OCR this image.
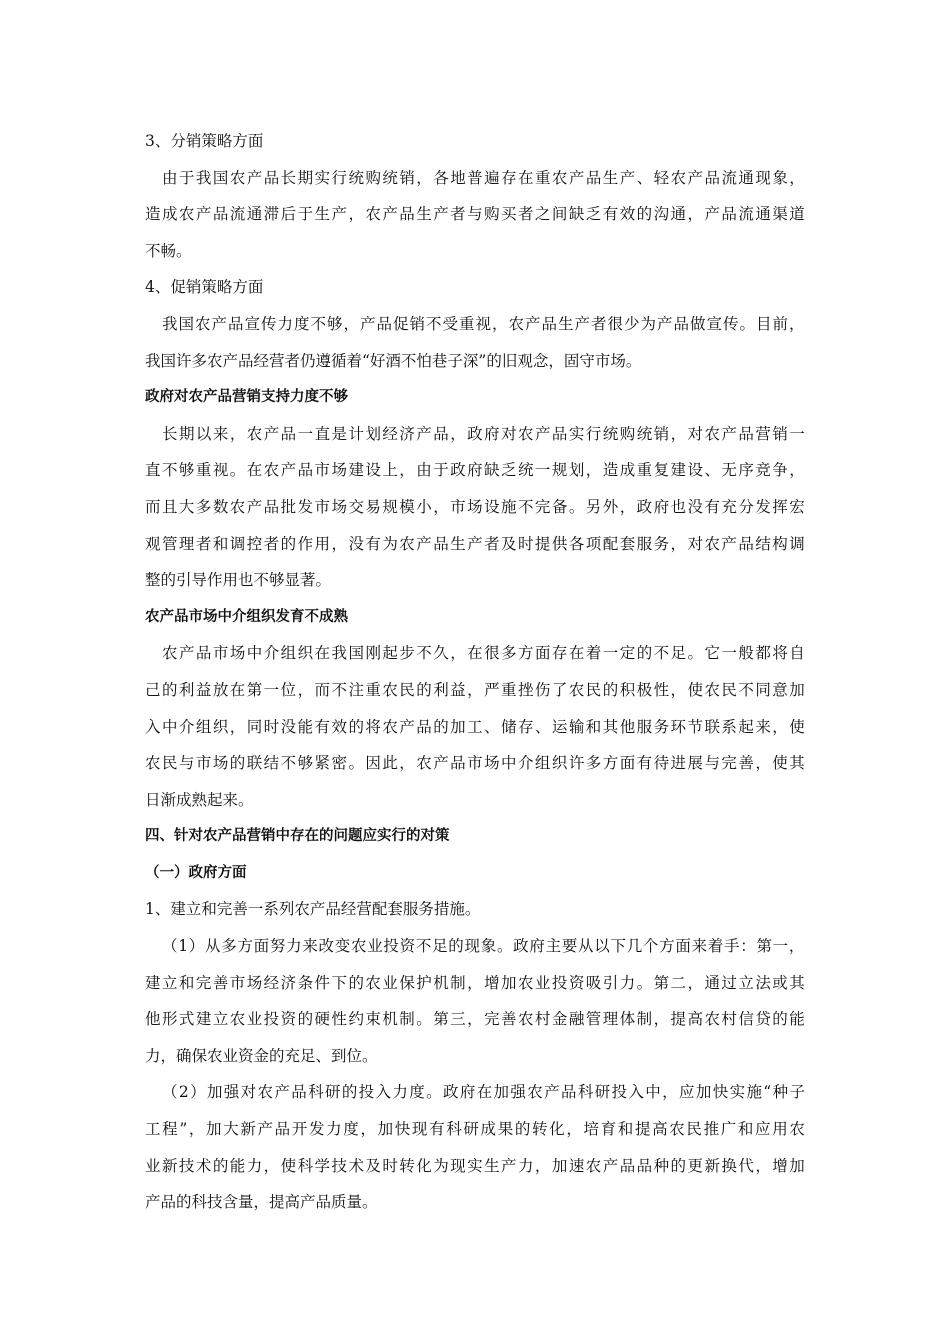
3、分销策略方面
由 于 我 国 农 产 品 长 期 实 行 统 购 统 销 ， 各 地 普 遍 存 在 重 农 产 品 生 产 、 轻 农 产 品 流 通 现 象 ，
造 成 农 产 品 流 通 滞 后 于 生 产 ， 农 产 品 生 产 者 与 购 买 者 之 间 缺 乏 有 效 的 沟 通 ， 产 品 流 通 渠 道
不畅。
4、促销策略方面
我 国 农 产 品 宣 传 力 度 不 够 ， 产 品 促 销 不 受 重 视 ， 农 产 品 生 产 者 很 少 为 产 品 做 宣 传 。 目 前 ，
我国许多农产品经营者仍遵循着“好酒不怕巷子深”的旧观念，固守市场。
政府对农产品营销支持力度不够
长 期 以 来 ， 农 产 品 一 直 是 计 划 经 济 产 品 ， 政 府 对 农 产 品 实 行 统 购 统 销 ， 对 农 产 品 营 销 一
直 不 够 重 视 。 在 农 产 品 市 场 建 设 上 ， 由 于 政 府 缺 乏 统 一 规 划 ， 造 成 重 复 建 设 、 无 序 竞 争 ，
而 且 大 多 数 农 产 品 批 发 市 场 交 易 规 模 小 ， 市 场 设 施 不 完 备 。 另 外 ， 政 府 也 没 有 充 分 发 挥 宏
观 管 理 者 和 调 控 者 的 作 用 ， 没 有 为 农 产 品 生 产 者 及 时 提 供 各 项 配 套 服 务 ， 对 农 产 品 结 构 调
整的引导作用也不够显著。
农产品市场中介组织发育不成熟
农 产 品 市 场 中 介 组 织 在 我 国 刚 起 步 不 久 ， 在 很 多 方 面 存 在 着 一 定 的 不 足 。 它 一 般 都 将 自
己 的 利 益 放 在 第 一 位 ， 而 不 注 重 农 民 的 利 益 ， 严 重 挫 伤 了 农 民 的 积 极 性 ， 使 农 民 不 同 意 加
入 中 介 组 织 ， 同 时 没 能 有 效 的 将 农 产 品 的 加 工 、 储 存 、 运 输 和 其 他 服 务 环 节 联 系 起 来 ， 使
农 民 与 市 场 的 联 结 不 够 紧 密 。 因 此 ， 农 产 品 市 场 中 介 组 织 许 多 方 面 有 待 进 展 与 完 善 ， 使 其
日渐成熟起来。
四、针对农产品营销中存在的问题应实行的对策
（一）政府方面
1、建立和完善一系列农产品经营配套服务措施。
（ 1 ） 从 多 方 面 努 力 来 改 变 农 业 投 资 不 足 的 现 象 。 政 府 主 要 从 以 下 几 个 方 面 来 着 手 ： 第 一 ，
建 立 和 完 善 市 场 经 济 条 件 下 的 农 业 保 护 机 制 ， 增 加 农 业 投 资 吸 引 力 。 第 二 ， 通 过 立 法 或 其
他 形 式 建 立 农 业 投 资 的 硬 性 约 束 机 制 。 第 三 ， 完 善 农 村 金 融 管 理 体 制 ， 提 高 农 村 信 贷 的 能
力，确保农业资金的充足、到位。
（ 2 ） 加 强 对 农 产 品 科 研 的 投 入 力 度 。 政 府 在 加 强 农 产 品 科 研 投 入 中 ， 应 加 快 实 施 “ 种 子
工 程 ” ， 加 大 新 产 品 开 发 力 度 ， 加 快 现 有 科 研 成 果 的 转 化 ， 培 育 和 提 高 农 民 推 广 和 应 用 农
业 新 技 术 的 能 力 ， 使 科 学 技 术 及 时 转 化 为 现 实 生 产 力 ， 加 速 农 产 品 品 种 的 更 新 换 代 ， 增 加
产品的科技含量，提高产品质量。
